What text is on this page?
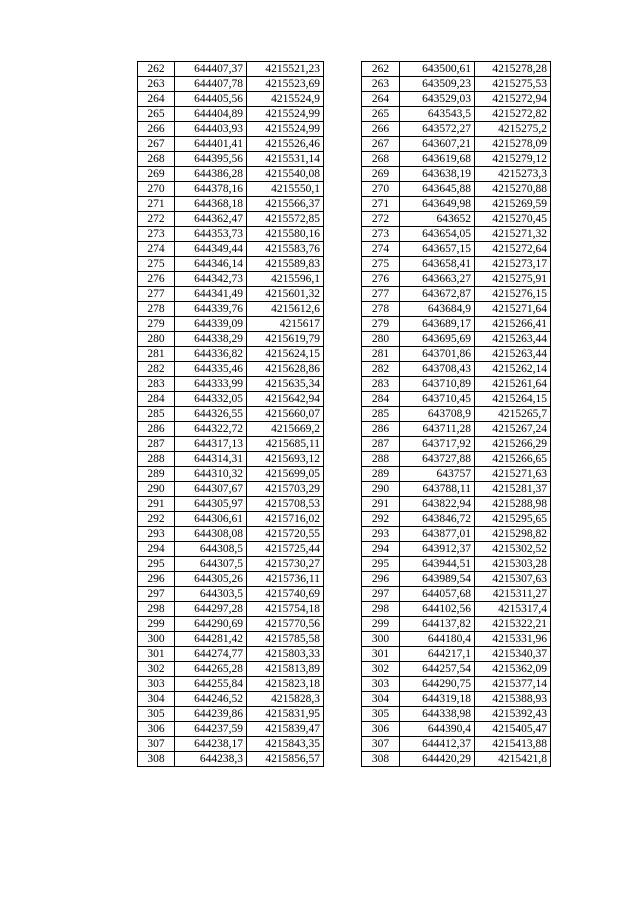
262	644407,37	4215521,23
263	644407,78	4215523,69
264	644405,56	4215524,9
265	644404,89	4215524,99
266	644403,93	4215524,99
267	644401,41	4215526,46
268	644395,56	4215531,14
269	644386,28	4215540,08
270	644378,16	4215550,1
271	644368,18	4215566,37
272	644362,47	4215572,85
273	644353,73	4215580,16
274	644349,44	4215583,76
275	644346,14	4215589,83
276	644342,73	4215596,1
277	644341,49	4215601,32
278	644339,76	4215612,6
279	644339,09	4215617
280	644338,29	4215619,79
281	644336,82	4215624,15
282	644335,46	4215628,86
283	644333,99	4215635,34
284	644332,05	4215642,94
285	644326,55	4215660,07
286	644322,72	4215669,2
287	644317,13	4215685,11
288	644314,31	4215693,12
289	644310,32	4215699,05
290	644307,67	4215703,29
291	644305,97	4215708,53
292	644306,61	4215716,02
293	644308,08	4215720,55
294	644308,5	4215725,44
295	644307,5	4215730,27
296	644305,26	4215736,11
297	644303,5	4215740,69
298	644297,28	4215754,18
299	644290,69	4215770,56
300	644281,42	4215785,58
301	644274,77	4215803,33
302	644265,28	4215813,89
303	644255,84	4215823,18
304	644246,52	4215828,3
305	644239,86	4215831,95
306	644237,59	4215839,47
307	644238,17	4215843,35
308	644238,3	4215856,57
262	643500,61	4215278,28
263	643509,23	4215275,53
264	643529,03	4215272,94
265	643543,5	4215272,82
266	643572,27	4215275,2
267	643607,21	4215278,09
268	643619,68	4215279,12
269	643638,19	4215273,3
270	643645,88	4215270,88
271	643649,98	4215269,59
272	643652	4215270,45
273	643654,05	4215271,32
274	643657,15	4215272,64
275	643658,41	4215273,17
276	643663,27	4215275,91
277	643672,87	4215276,15
278	643684,9	4215271,64
279	643689,17	4215266,41
280	643695,69	4215263,44
281	643701,86	4215263,44
282	643708,43	4215262,14
283	643710,89	4215261,64
284	643710,45	4215264,15
285	643708,9	4215265,7
286	643711,28	4215267,24
287	643717,92	4215266,29
288	643727,88	4215266,65
289	643757	4215271,63
290	643788,11	4215281,37
291	643822,94	4215288,98
292	643846,72	4215295,65
293	643877,01	4215298,82
294	643912,37	4215302,52
295	643944,51	4215303,28
296	643989,54	4215307,63
297	644057,68	4215311,27
298	644102,56	4215317,4
299	644137,82	4215322,21
300	644180,4	4215331,96
301	644217,1	4215340,37
302	644257,54	4215362,09
303	644290,75	4215377,14
304	644319,18	4215388,93
305	644338,98	4215392,43
306	644390,4	4215405,47
307	644412,37	4215413,88
308	644420,29	4215421,8
